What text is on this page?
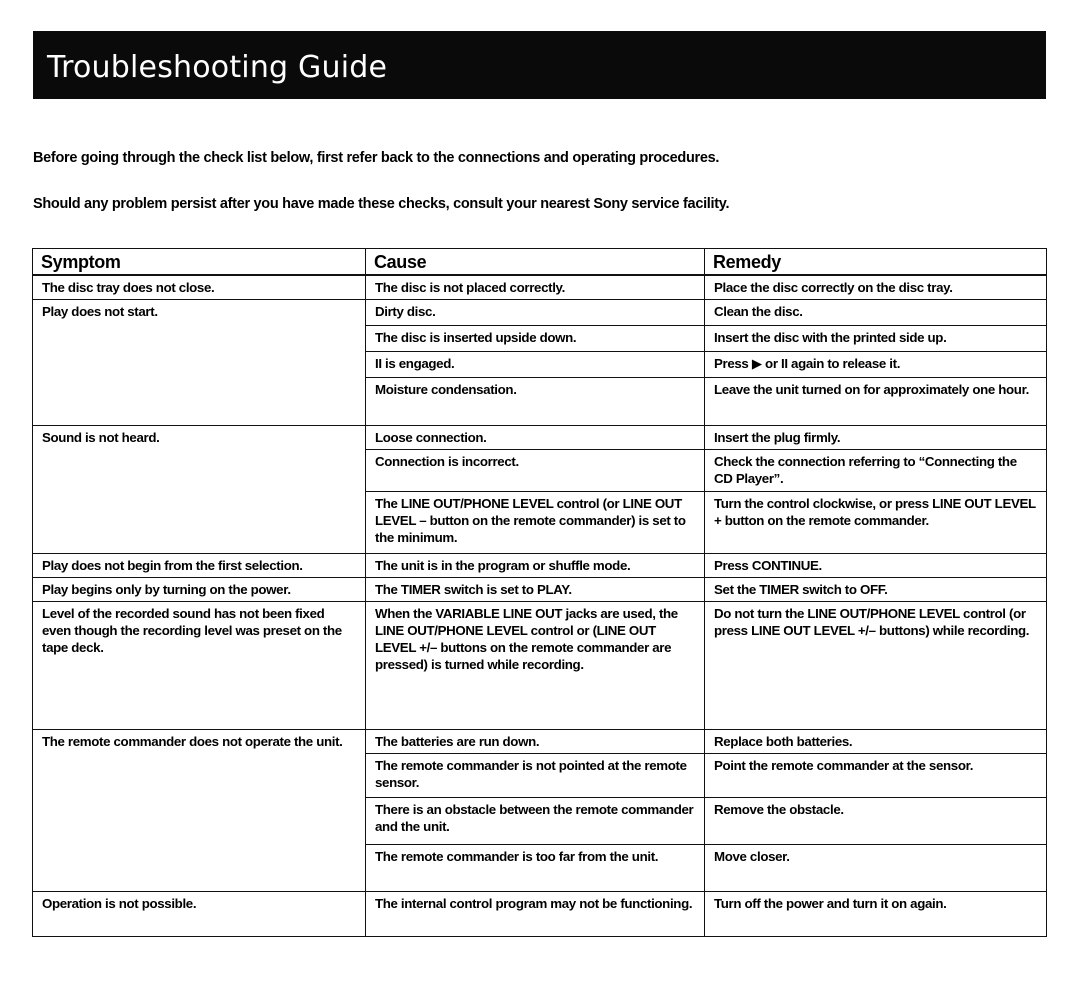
Troubleshooting Guide
Before going through the check list below, first refer back to the connections and operating procedures.
Should any problem persist after you have made these checks, consult your nearest Sony service facility.
Symptom	Cause	Remedy
The disc tray does not close.	The disc is not placed correctly.	Place the disc correctly on the disc tray.
Play does not start.	Dirty disc.	Clean the disc.
	The disc is inserted upside down.	Insert the disc with the printed side up.
	II is engaged.	Press ▶ or II again to release it.
	Moisture condensation.	Leave the unit turned on for approximately one hour.
Sound is not heard.	Loose connection.	Insert the plug firmly.
	Connection is incorrect.	Check the connection referring to “Connecting the CD Player”.
	The LINE OUT/PHONE LEVEL control (or LINE OUT LEVEL – button on the remote commander) is set to the minimum.	Turn the control clockwise, or press LINE OUT LEVEL + button on the remote commander.
Play does not begin from the first selection.	The unit is in the program or shuffle mode.	Press CONTINUE.
Play begins only by turning on the power.	The TIMER switch is set to PLAY.	Set the TIMER switch to OFF.
Level of the recorded sound has not been fixed even though the recording level was preset on the tape deck.	When the VARIABLE LINE OUT jacks are used, the LINE OUT/PHONE LEVEL control or (LINE OUT LEVEL +/– buttons on the remote commander are pressed) is turned while recording.	Do not turn the LINE OUT/PHONE LEVEL control (or press LINE OUT LEVEL +/– buttons) while recording.
The remote commander does not operate the unit.	The batteries are run down.	Replace both batteries.
	The remote commander is not pointed at the remote sensor.	Point the remote commander at the sensor.
	There is an obstacle between the remote commander and the unit.	Remove the obstacle.
	The remote commander is too far from the unit.	Move closer.
Operation is not possible.	The internal control program may not be functioning.	Turn off the power and turn it on again.
